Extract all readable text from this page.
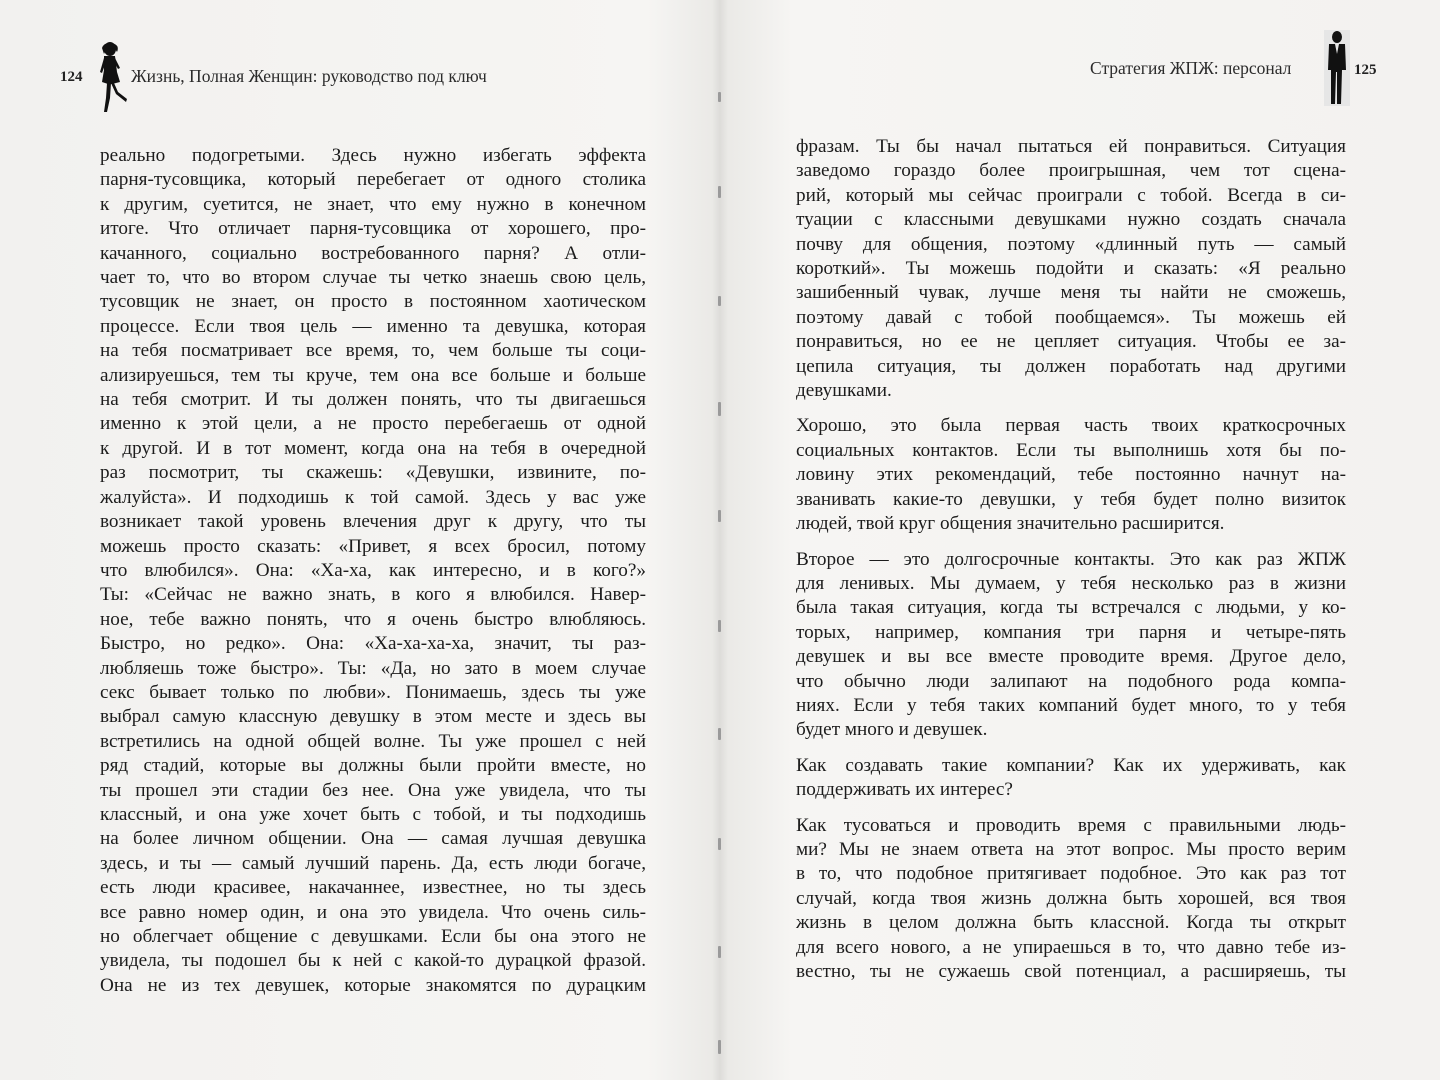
124	Жизнь, Полная Женщин: руководство под ключ
реально подогретыми. Здесь нужно избегать эффекта
парня-тусовщика, который перебегает от одного столика
к другим, суетится, не знает, что ему нужно в конечном
итоге. Что отличает парня-тусовщика от хорошего, про-
качанного, социально востребованного парня? А отли-
чает то, что во втором случае ты четко знаешь свою цель,
тусовщик не знает, он просто в постоянном хаотическом
процессе. Если твоя цель — именно та девушка, которая
на тебя посматривает все время, то, чем больше ты соци-
ализируешься, тем ты круче, тем она все больше и больше
на тебя смотрит. И ты должен понять, что ты двигаешься
именно к этой цели, а не просто перебегаешь от одной
к другой. И в тот момент, когда она на тебя в очередной
раз посмотрит, ты скажешь: «Девушки, извините, по-
жалуйста». И подходишь к той самой. Здесь у вас уже
возникает такой уровень влечения друг к другу, что ты
можешь просто сказать: «Привет, я всех бросил, потому
что влюбился». Она: «Ха-ха, как интересно, и в кого?»
Ты: «Сейчас не важно знать, в кого я влюбился. Навер-
ное, тебе важно понять, что я очень быстро влюбляюсь.
Быстро, но редко». Она: «Ха-ха-ха-ха, значит, ты раз-
любляешь тоже быстро». Ты: «Да, но зато в моем случае
секс бывает только по любви». Понимаешь, здесь ты уже
выбрал самую классную девушку в этом месте и здесь вы
встретились на одной общей волне. Ты уже прошел с ней
ряд стадий, которые вы должны были пройти вместе, но
ты прошел эти стадии без нее. Она уже увидела, что ты
классный, и она уже хочет быть с тобой, и ты подходишь
на более личном общении. Она — самая лучшая девушка
здесь, и ты — самый лучший парень. Да, есть люди богаче,
есть люди красивее, накачаннее, известнее, но ты здесь
все равно номер один, и она это увидела. Что очень силь-
но облегчает общение с девушками. Если бы она этого не
увидела, ты подошел бы к ней с какой-то дурацкой фразой.
Она не из тех девушек, которые знакомятся по дурацким
Стратегия ЖПЖ: персонал	125
фразам. Ты бы начал пытаться ей понравиться. Ситуация
заведомо гораздо более проигрышная, чем тот сцена-
рий, который мы сейчас проиграли с тобой. Всегда в си-
туации с классными девушками нужно создать сначала
почву для общения, поэтому «длинный путь — самый
короткий». Ты можешь подойти и сказать: «Я реально
зашибенный чувак, лучше меня ты найти не сможешь,
поэтому давай с тобой пообщаемся». Ты можешь ей
понравиться, но ее не цепляет ситуация. Чтобы ее за-
цепила ситуация, ты должен поработать над другими
девушками.
Хорошо, это была первая часть твоих краткосрочных
социальных контактов. Если ты выполнишь хотя бы по-
ловину этих рекомендаций, тебе постоянно начнут на-
званивать какие-то девушки, у тебя будет полно визиток
людей, твой круг общения значительно расширится.
Второе — это долгосрочные контакты. Это как раз ЖПЖ
для ленивых. Мы думаем, у тебя несколько раз в жизни
была такая ситуация, когда ты встречался с людьми, у ко-
торых, например, компания три парня и четыре-пять
девушек и вы все вместе проводите время. Другое дело,
что обычно люди залипают на подобного рода компа-
ниях. Если у тебя таких компаний будет много, то у тебя
будет много и девушек.
Как создавать такие компании? Как их удерживать, как
поддерживать их интерес?
Как тусоваться и проводить время с правильными людь-
ми? Мы не знаем ответа на этот вопрос. Мы просто верим
в то, что подобное притягивает подобное. Это как раз тот
случай, когда твоя жизнь должна быть хорошей, вся твоя
жизнь в целом должна быть классной. Когда ты открыт
для всего нового, а не упираешься в то, что давно тебе из-
вестно, ты не сужаешь свой потенциал, а расширяешь, ты
